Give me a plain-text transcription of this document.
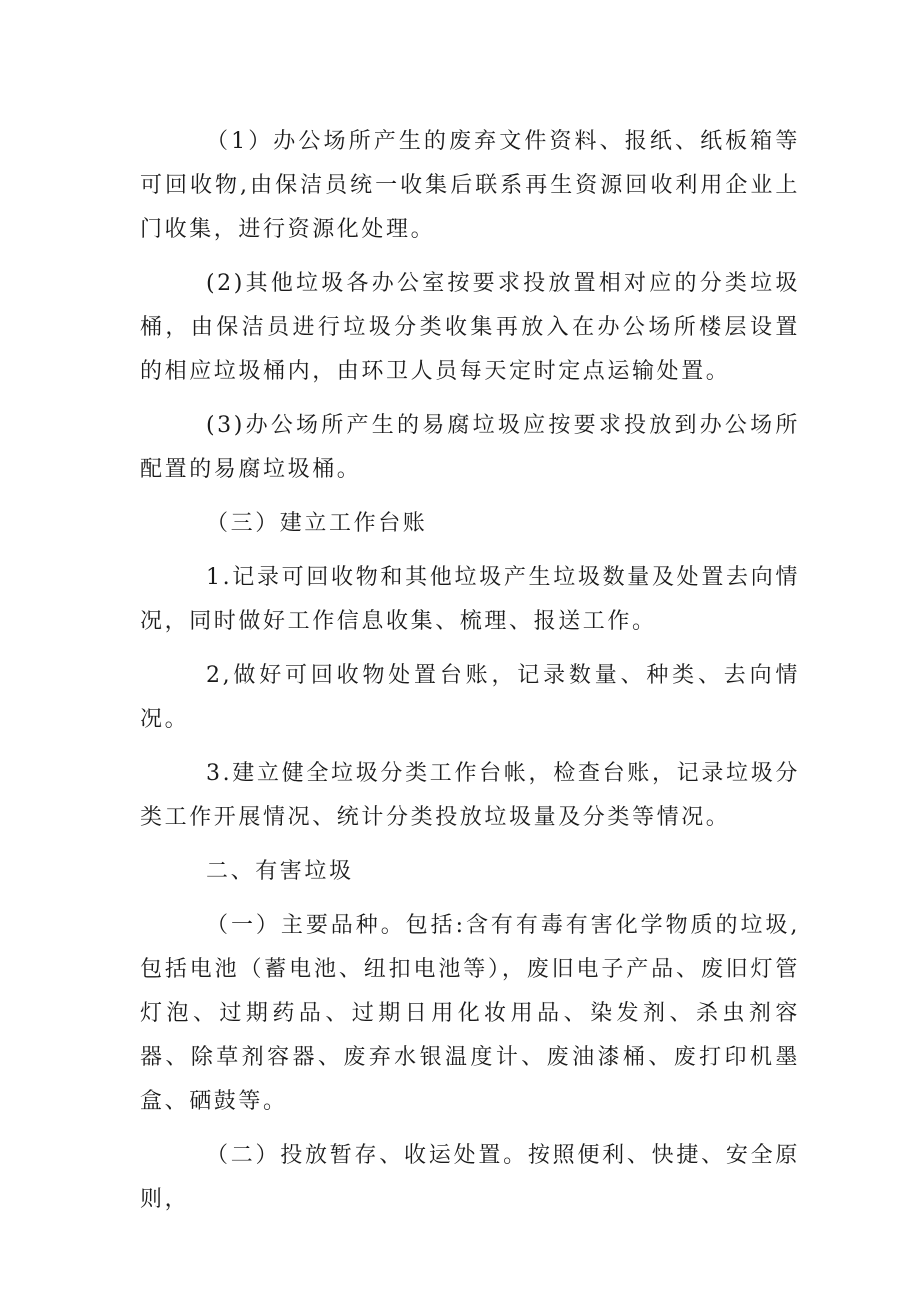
（1）办公场所产生的废弃文件资料、报纸、纸板箱等可回收物,由保洁员统一收集后联系再生资源回收利用企业上门收集，进行资源化处理。

(2)其他垃圾各办公室按要求投放置相对应的分类垃圾桶，由保洁员进行垃圾分类收集再放入在办公场所楼层设置的相应垃圾桶内，由环卫人员每天定时定点运输处置。

(3)办公场所产生的易腐垃圾应按要求投放到办公场所配置的易腐垃圾桶。

（三）建立工作台账

1.记录可回收物和其他垃圾产生垃圾数量及处置去向情况，同时做好工作信息收集、梳理、报送工作。

2,做好可回收物处置台账，记录数量、种类、去向情况。

3.建立健全垃圾分类工作台帐，检查台账，记录垃圾分类工作开展情况、统计分类投放垃圾量及分类等情况。

二、有害垃圾

（一）主要品种。包括:含有有毒有害化学物质的垃圾,包括电池（蓄电池、纽扣电池等），废旧电子产品、废旧灯管灯泡、过期药品、过期日用化妆用品、染发剂、杀虫剂容器、除草剂容器、废弃水银温度计、废油漆桶、废打印机墨盒、硒鼓等。

（二）投放暂存、收运处置。按照便利、快捷、安全原则，
